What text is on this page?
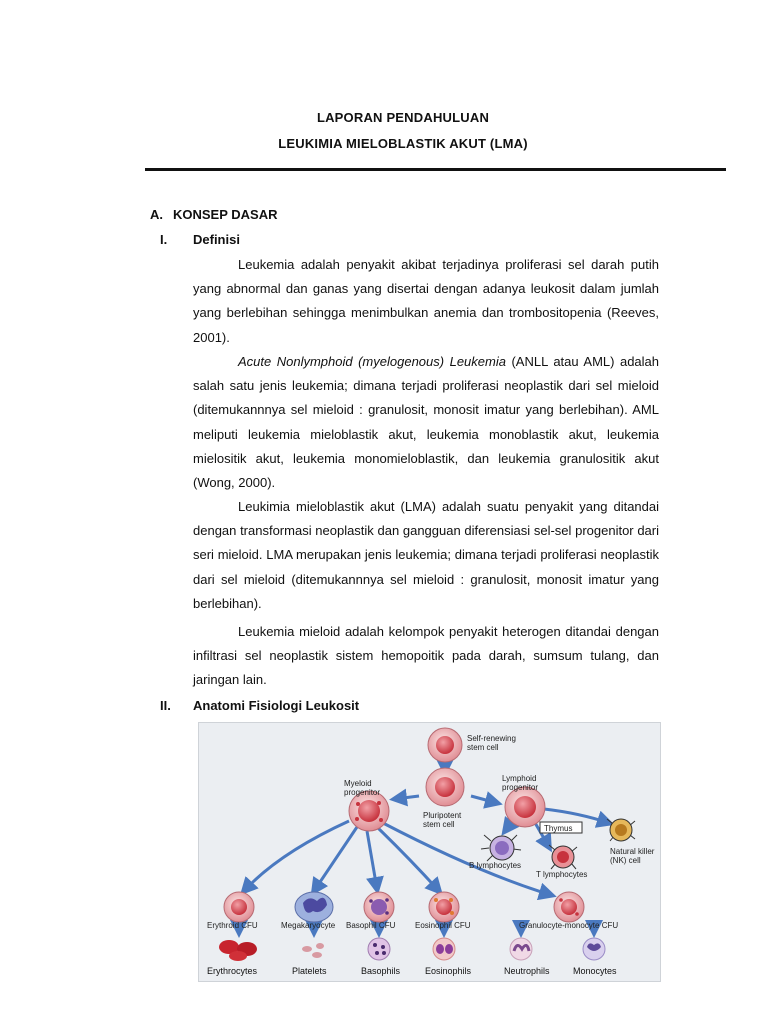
LAPORAN PENDAHULUAN
LEUKIMIA MIELOBLASTIK AKUT (LMA)
A. KONSEP DASAR
I. Definisi

Leukemia adalah penyakit akibat terjadinya proliferasi sel darah putih yang abnormal dan ganas yang disertai dengan adanya leukosit dalam jumlah yang berlebihan sehingga menimbulkan anemia dan trombositopenia (Reeves, 2001).

Acute Nonlymphoid (myelogenous) Leukemia (ANLL atau AML) adalah salah satu jenis leukemia; dimana terjadi proliferasi neoplastik dari sel mieloid (ditemukannnya sel mieloid : granulosit, monosit imatur yang berlebihan). AML meliputi leukemia mieloblastik akut, leukemia monoblastik akut, leukemia mielositik akut, leukemia monomieloblastik, dan leukemia granulositik akut (Wong, 2000).

Leukimia mieloblastik akut (LMA) adalah suatu penyakit yang ditandai dengan transformasi neoplastik dan gangguan diferensiasi sel-sel progenitor dari seri mieloid. LMA merupakan jenis leukemia; dimana terjadi proliferasi neoplastik dari sel mieloid (ditemukannnya sel mieloid : granulosit, monosit imatur yang berlebihan).

Leukemia mieloid adalah kelompok penyakit heterogen ditandai dengan infiltrasi sel neoplastik sistem hemopoitik pada darah, sumsum tulang, dan jaringan lain.

II. Anatomi Fisiologi Leukosit
Self-renewing
stem cell
Pluripotent
stem cell
Myeloid
progenitor
Lymphoid
progenitor
Thymus
B lymphocytes
T lymphocytes
Natural killer
(NK) cell
Erythroid CFU	Megakaryocyte Basophil CFU Eosinophil CFU	Granulocyte-monocyte CFU
Erythrocytes	Platelets	Basophils	Eosinophils	Neutrophils	Monocytes
